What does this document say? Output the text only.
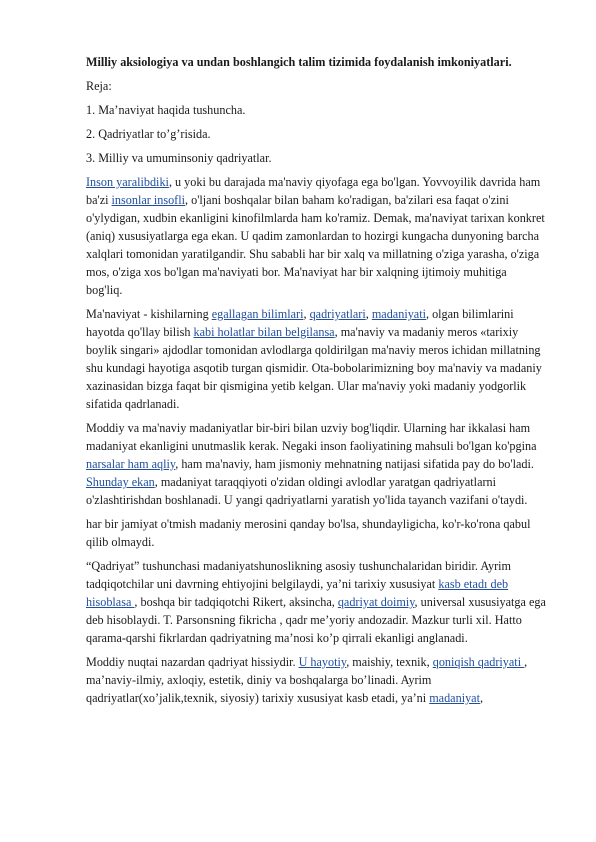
Milliy aksiologiya va undan boshlangich talim tizimida foydalanish imkoniyatlari.
Reja:
1. Ma’naviyat haqida tushuncha.
2. Qadriyatlar to’g’risida.
3. Milliy va umuminsoniy qadriyatlar.

Inson yaralibdiki, u yoki bu darajada ma'naviy qiyofaga ega bo'lgan. Yovvoyilik davrida ham ba'zi insonlar insofli, o'ljani boshqalar bilan baham ko'radigan, ba'zilari esa faqat o'zini o'ylydigan, xudbin ekanligini kinofilmlarda ham ko'ramiz. Demak, ma'naviyat tarixan konkret (aniq) xususiyatlarga ega ekan. U qadim zamonlardan to hozirgi kungacha dunyoning barcha xalqlari tomonidan yaratilgandir. Shu sababli har bir xalq va millatning o'ziga yarasha, o'ziga mos, o'ziga xos bo'lgan ma'naviyati bor. Ma'naviyat har bir xalqning ijtimoiy muhitiga bog'liq.

Ma'naviyat - kishilarning egallagan bilimlari, qadriyatlari, madaniyati, olgan bilimlarini hayotda qo'llay bilish kabi holatlar bilan belgilansa, ma'naviy va madaniy meros «tarixiy boylik singari» ajdodlar tomonidan avlodlarga qoldirilgan ma'naviy meros ichidan millatning shu kundagi hayotiga asqotib turgan qismidir. Ota-bobolarimizning boy ma'naviy va madaniy xazinasidan bizga faqat bir qismigina yetib kelgan. Ular ma'naviy yoki madaniy yodgorlik sifatida qadrlanadi.

Moddiy va ma'naviy madaniyatlar bir-biri bilan uzviy bog'liqdir. Ularning har ikkalasi ham madaniyat ekanligini unutmaslik kerak. Negaki inson faoliyatining mahsuli bo'lgan ko'pgina narsalar ham aqliy, ham ma'naviy, ham jismoniy mehnatning natijasi sifatida pay do bo'ladi. Shunday ekan, madaniyat taraqqiyoti o'zidan oldingi avlodlar yaratgan qadriyatlarni o'zlashtirishdan boshlanadi. U yangi qadriyatlarni yaratish yo'lida tayanch vazifani o'taydi.

har bir jamiyat o'tmish madaniy merosini qanday bo'lsa, shundayligicha, ko'r-ko'rona qabul qilib olmaydi.

“Qadriyat” tushunchasi madaniyatshunoslikning asosiy tushunchalaridan biridir. Ayrim tadqiqotchilar uni davrning ehtiyojini belgilaydi, ya’ni tarixiy xususiyat kasb etadı deb hisoblasa , boshqa bir tadqiqotchi Rikert, aksincha, qadriyat doimiy, universal xususiyatga ega deb hisoblaydi. T. Parsonsning fikricha , qadr me’yoriy andozadir. Mazkur turli xil. Hatto qarama-qarshi fikrlardan qadriyatning ma’nosi ko’p qirrali ekanligi anglanadi.

Moddiy nuqtai nazardan qadriyat hissiydir. U hayotiy, maishiy, texnik, qoniqish qadriyati , ma’naviy-ilmiy, axloqiy, estetik, diniy va boshqalarga bo’linadi. Ayrim qadriyatlar(xo’jalik,texnik, siyosiy) tarixiy xususiyat kasb etadi, ya’ni madaniyat,
